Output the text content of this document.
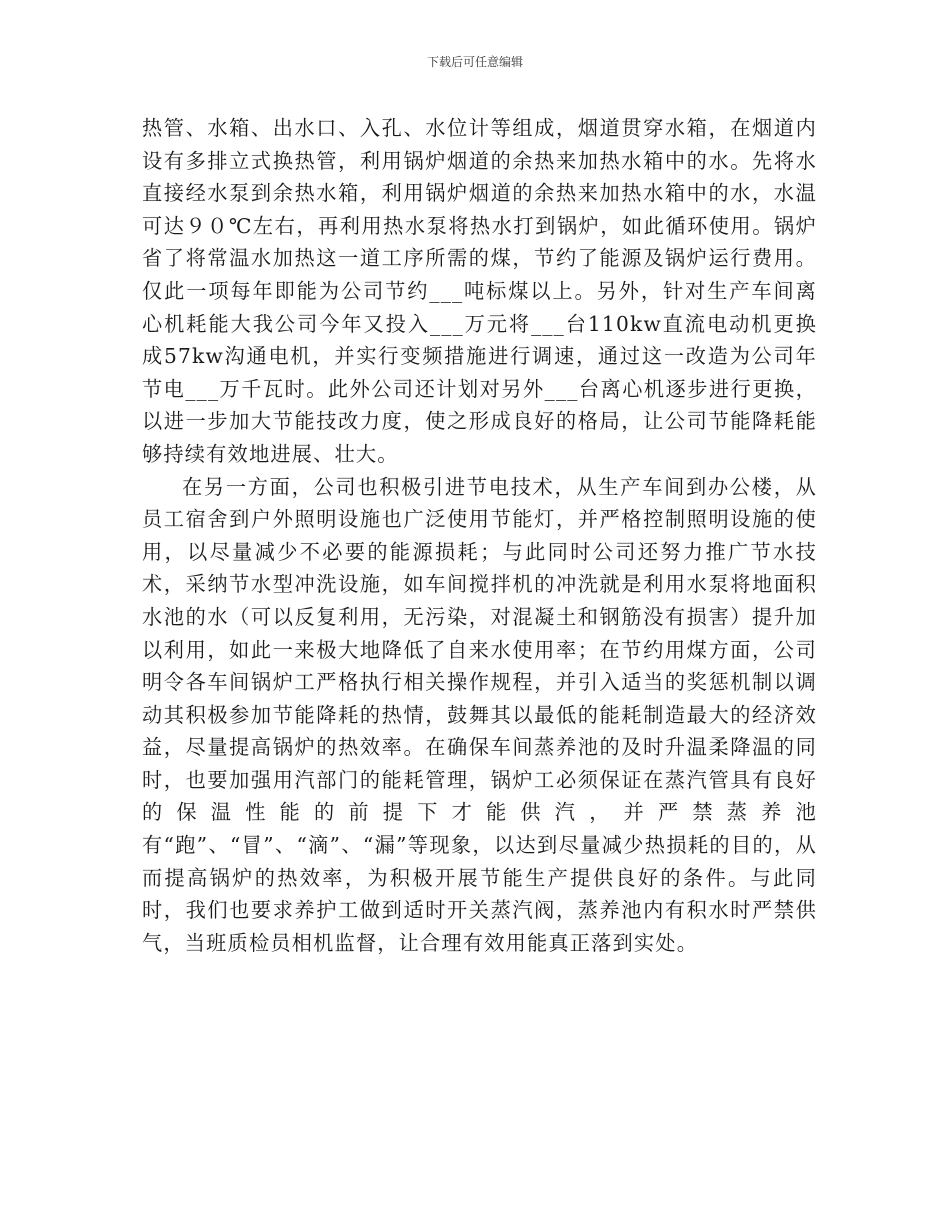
下载后可任意编辑

热管、水箱、出水口、入孔、水位计等组成，烟道贯穿水箱，在烟道内设有多排立式换热管，利用锅炉烟道的余热来加热水箱中的水。先将水直接经水泵到余热水箱，利用锅炉烟道的余热来加热水箱中的水，水温可达９０℃左右，再利用热水泵将热水打到锅炉，如此循环使用。锅炉省了将常温水加热这一道工序所需的煤，节约了能源及锅炉运行费用。仅此一项每年即能为公司节约___吨标煤以上。另外，针对生产车间离心机耗能大我公司今年又投入___万元将___台110kw直流电动机更换成57kw沟通电机，并实行变频措施进行调速，通过这一改造为公司年节电___万千瓦时。此外公司还计划对另外___台离心机逐步进行更换，以进一步加大节能技改力度，使之形成良好的格局，让公司节能降耗能够持续有效地进展、壮大。

在另一方面，公司也积极引进节电技术，从生产车间到办公楼，从员工宿舍到户外照明设施也广泛使用节能灯，并严格控制照明设施的使用，以尽量减少不必要的能源损耗；与此同时公司还努力推广节水技术，采纳节水型冲洗设施，如车间搅拌机的冲洗就是利用水泵将地面积水池的水（可以反复利用，无污染，对混凝土和钢筋没有损害）提升加以利用，如此一来极大地降低了自来水使用率；在节约用煤方面，公司明令各车间锅炉工严格执行相关操作规程，并引入适当的奖惩机制以调动其积极参加节能降耗的热情，鼓舞其以最低的能耗制造最大的经济效益，尽量提高锅炉的热效率。在确保车间蒸养池的及时升温柔降温的同时，也要加强用汽部门的能耗管理，锅炉工必须保证在蒸汽管具有良好的保温性能的前提下才能供汽，并严禁蒸养池有“跑”、“冒”、“滴”、“漏”等现象，以达到尽量减少热损耗的目的，从而提高锅炉的热效率，为积极开展节能生产提供良好的条件。与此同时，我们也要求养护工做到适时开关蒸汽阀，蒸养池内有积水时严禁供气，当班质检员相机监督，让合理有效用能真正落到实处。
